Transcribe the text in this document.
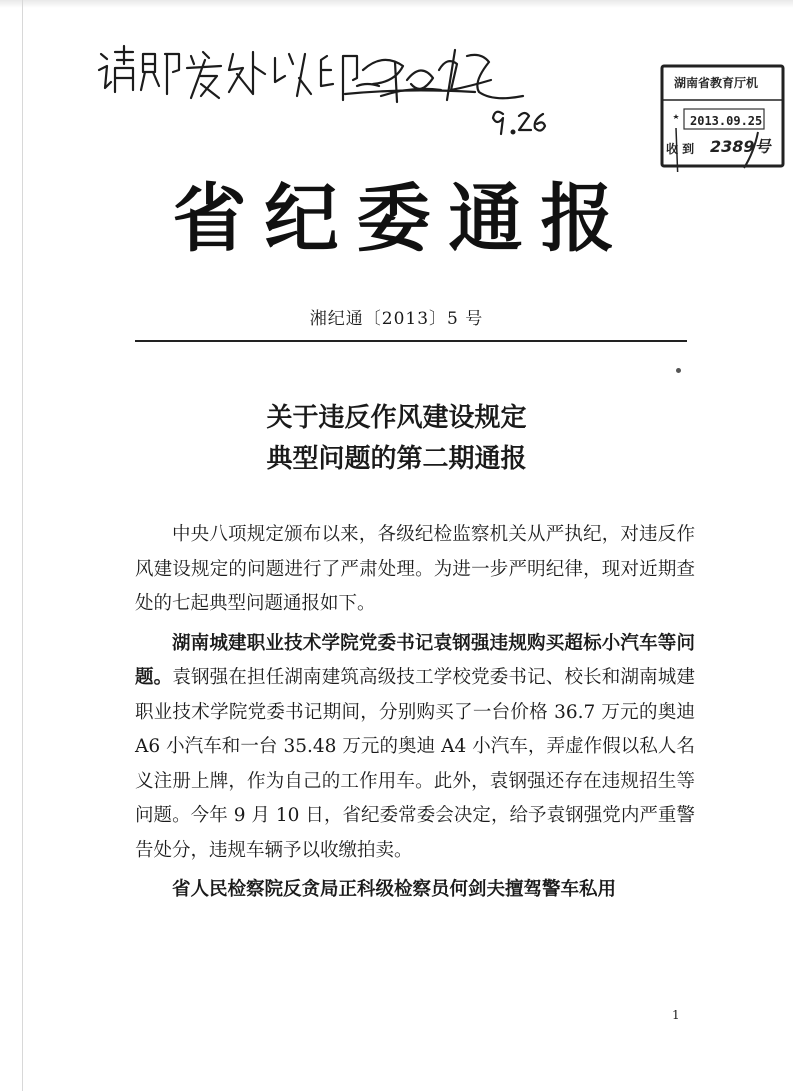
湖南省教育厅机
2013.09.25
收 到 2389号
省纪委通报
湘纪通〔2013〕5 号
关于违反作风建设规定
典型问题的第二期通报

中央八项规定颁布以来，各级纪检监察机关从严执纪，对违反作风建设规定的问题进行了严肃处理。为进一步严明纪律，现对近期查处的七起典型问题通报如下。

湖南城建职业技术学院党委书记袁钢强违规购买超标小汽车等问题。袁钢强在担任湖南建筑高级技工学校党委书记、校长和湖南城建职业技术学院党委书记期间，分别购买了一台价格 36.7 万元的奥迪 A6 小汽车和一台 35.48 万元的奥迪 A4 小汽车，弄虚作假以私人名义注册上牌，作为自己的工作用车。此外，袁钢强还存在违规招生等问题。今年 9 月 10 日，省纪委常委会决定，给予袁钢强党内严重警告处分，违规车辆予以收缴拍卖。

省人民检察院反贪局正科级检察员何剑夫擅驾警车私用

1
